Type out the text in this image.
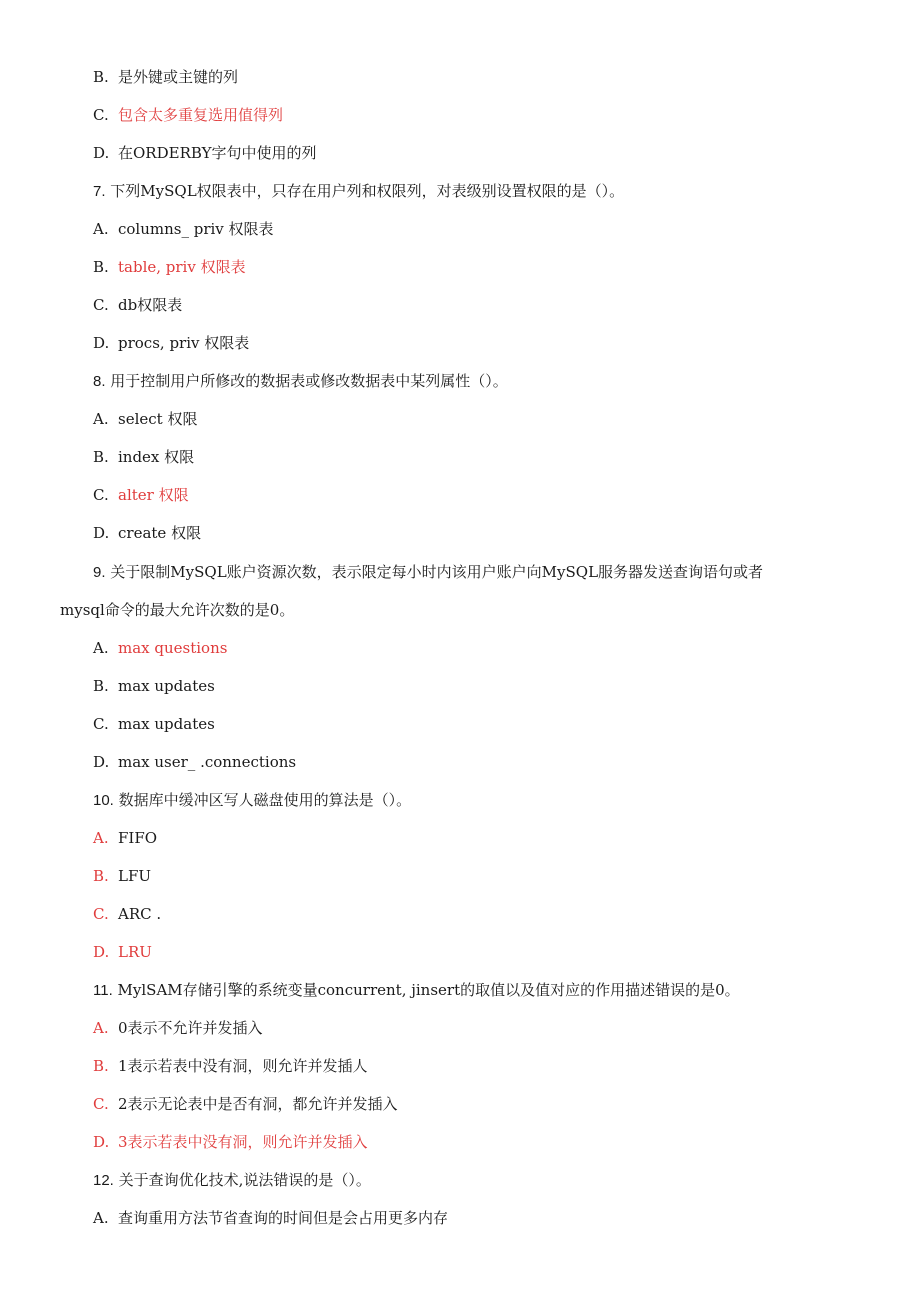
B. 是外键或主键的列
C. 包含太多重复选用值得列
D. 在ORDERBY字句中使用的列
7. 下列MySQL权限表中，只存在用户列和权限列，对表级别设置权限的是（）。
A. columns_ priv 权限表
B. table, priv 权限表
C. db权限表
D. procs, priv 权限表
8. 用于控制用户所修改的数据表或修改数据表中某列属性（）。
A. select 权限
B. index 权限
C. alter 权限
D. create 权限
9. 关于限制MySQL账户资源次数，表示限定每小时内该用户账户向MySQL服务器发送查询语句或者
mysql命令的最大允许次数的是0。
A. max questions
B. max updates
C. max updates
D. max user_ .connections
10. 数据库中缓冲区写人磁盘使用的算法是（）。
A. FIFO
B. LFU
C. ARC .
D. LRU
11. MylSAM存储引擎的系统变量concurrent, jinsert的取值以及值对应的作用描述错误的是0。
A. 0表示不允许并发插入
B. 1表示若表中没有洞，则允许并发插人
C. 2表示无论表中是否有洞，都允许并发插入
D. 3表示若表中没有洞，则允许并发插入
12. 关于查询优化技术,说法错误的是（）。
A. 查询重用方法节省查询的时间但是会占用更多内存
